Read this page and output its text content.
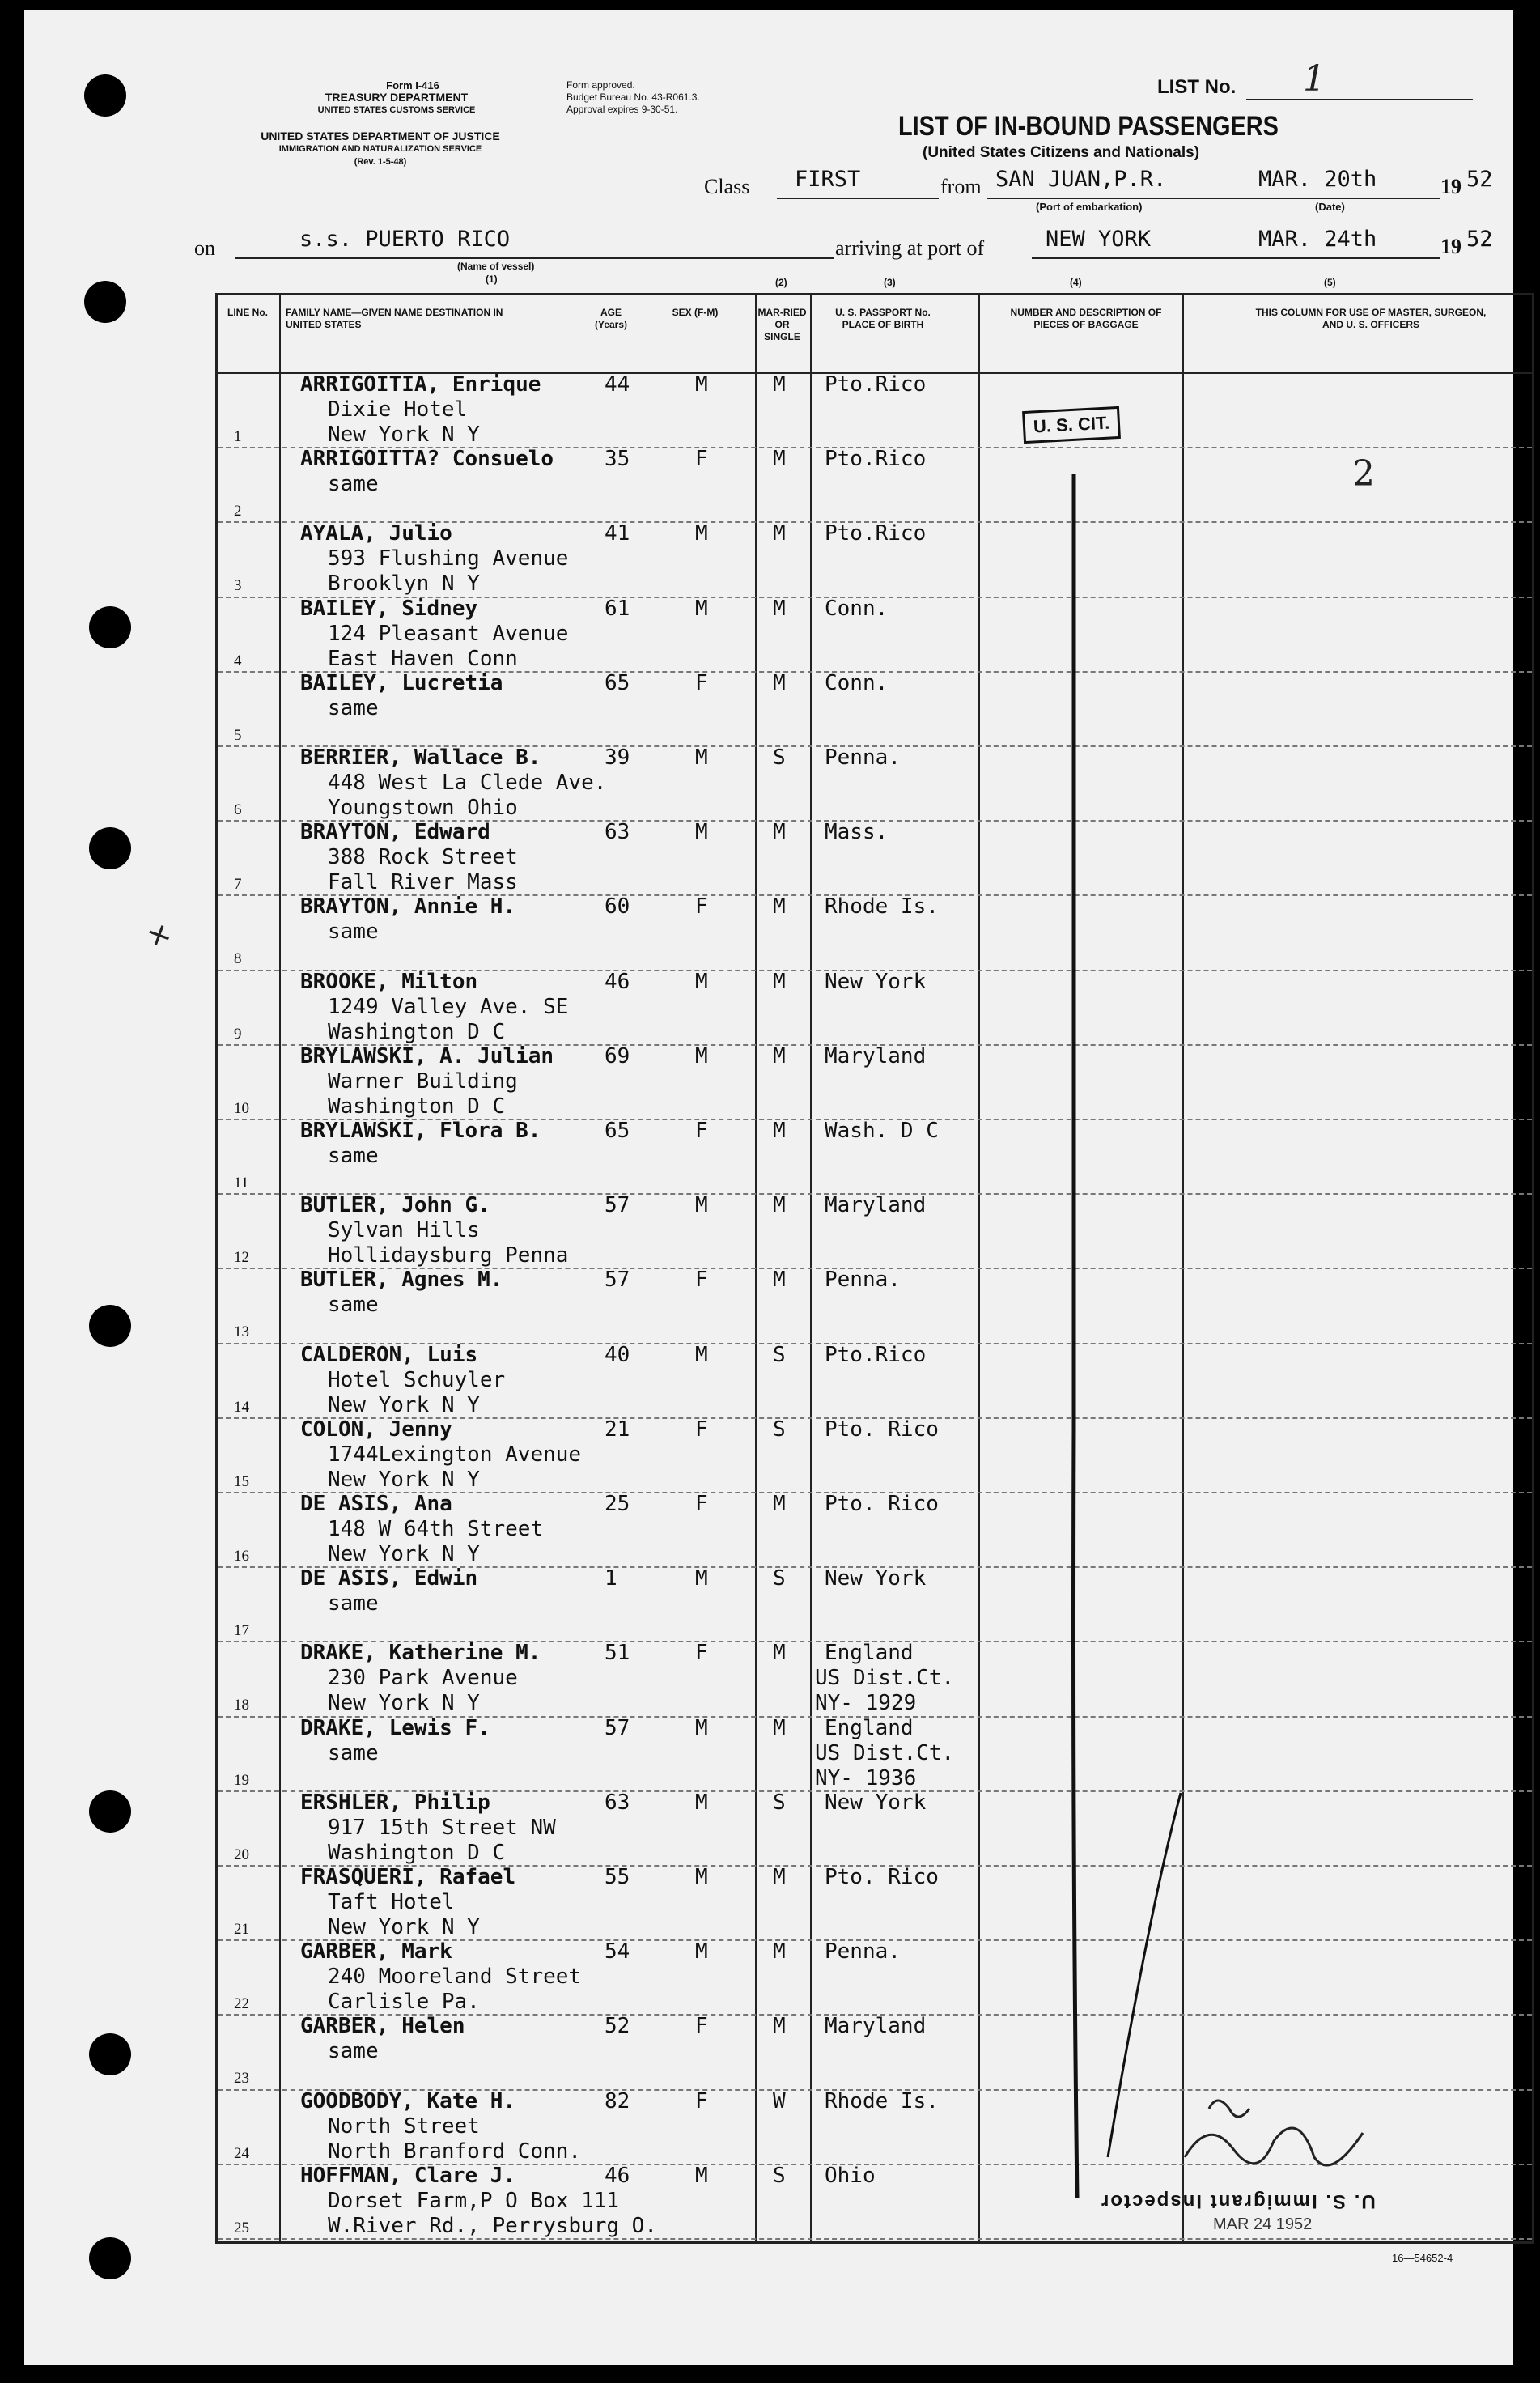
Form I-416
TREASURY DEPARTMENT
UNITED STATES CUSTOMS SERVICE
UNITED STATES DEPARTMENT OF JUSTICE
IMMIGRATION AND NATURALIZATION SERVICE
(Rev. 1-5-48)
Form approved.
Budget Bureau No. 43-R061.3.
Approval expires 9-30-51.
LIST No. 1
LIST OF IN-BOUND PASSENGERS
(United States Citizens and Nationals)
Class FIRST	from SAN JUAN,P.R.
(Port of embarkation)
MAR. 20th	19 52
(Date)
on	s.s. PUERTO RICO
(Name of vessel)
(1)
arriving at port of	NEW YORK	MAR. 24th	19 52
(2)	(3)	(4)	(5)
+
LINE No.	FAMILY NAME—GIVEN NAME DESTINATION IN UNITED STATES
AGE (Years)
SEX (F-M)	MAR-RIED OR SINGLE
U. S. PASSPORT No. PLACE OF BIRTH
NUMBER AND DESCRIPTION OF PIECES OF BAGGAGE
THIS COLUMN FOR USE OF MASTER, SURGEON, AND U. S. OFFICERS
1
ARRIGOITIA, Enrique
Dixie Hotel
New York N Y
44	M	M Pto.Rico
2
ARRIGOITTA? Consuelo
same
35	F	M Pto.Rico
3
AYALA, Julio
593 Flushing Avenue
Brooklyn N Y
41	M	M Pto.Rico
4
BAILEY, Sidney
124 Pleasant Avenue
East Haven Conn
61	M	M Conn.
5
BAILEY, Lucretia
same
65	F	M Conn.
6
BERRIER, Wallace B.
448 West La Clede Ave.
Youngstown Ohio
39	M	S Penna.
7
BRAYTON, Edward
388 Rock Street
Fall River Mass
63	M	M Mass.
8
BRAYTON, Annie H.
same
60	F	M Rhode Is.
9
BROOKE, Milton
1249 Valley Ave. SE
Washington D C
46	M	M New York
10
BRYLAWSKI, A. Julian
Warner Building
Washington D C
69	M	M Maryland
11
BRYLAWSKI, Flora B.
same
65	F	M Wash. D C
12
BUTLER, John G.
Sylvan Hills
Hollidaysburg Penna
57	M	M Maryland
13
BUTLER, Agnes M.
same
57	F	M Penna.
14
CALDERON, Luis
Hotel Schuyler
New York N Y
40	M	S Pto.Rico
15
COLON, Jenny
1744Lexington Avenue
New York N Y
21	F	S Pto. Rico
16
DE ASIS, Ana
148 W 64th Street
New York N Y
25	F	M Pto. Rico
17
DE ASIS, Edwin
same
1	M	S New York
18
DRAKE, Katherine M.
230 Park Avenue
New York N Y
51	F	M England
US Dist.Ct.
NY- 1929
19
DRAKE, Lewis F.
same
57	M	M England
US Dist.Ct.
NY- 1936
20
ERSHLER, Philip
917 15th Street NW
Washington D C
63	M	S New York
21
FRASQUERI, Rafael
Taft Hotel
New York N Y
55	M	M Pto. Rico
22
GARBER, Mark
240 Mooreland Street
Carlisle Pa.
54	M	M Penna.
23
GARBER, Helen
same
52	F	M Maryland
24
GOODBODY, Kate H.
North Street
North Branford Conn.
82	F	W Rhode Is.
25
HOFFMAN, Clare J.
Dorset Farm,P O Box 111
W.River Rd., Perrysburg O.
46	M	S Ohio
U. S. CIT.
2
U. S. Immigrant Inspector
MAR 24 1952
16—54652-4
